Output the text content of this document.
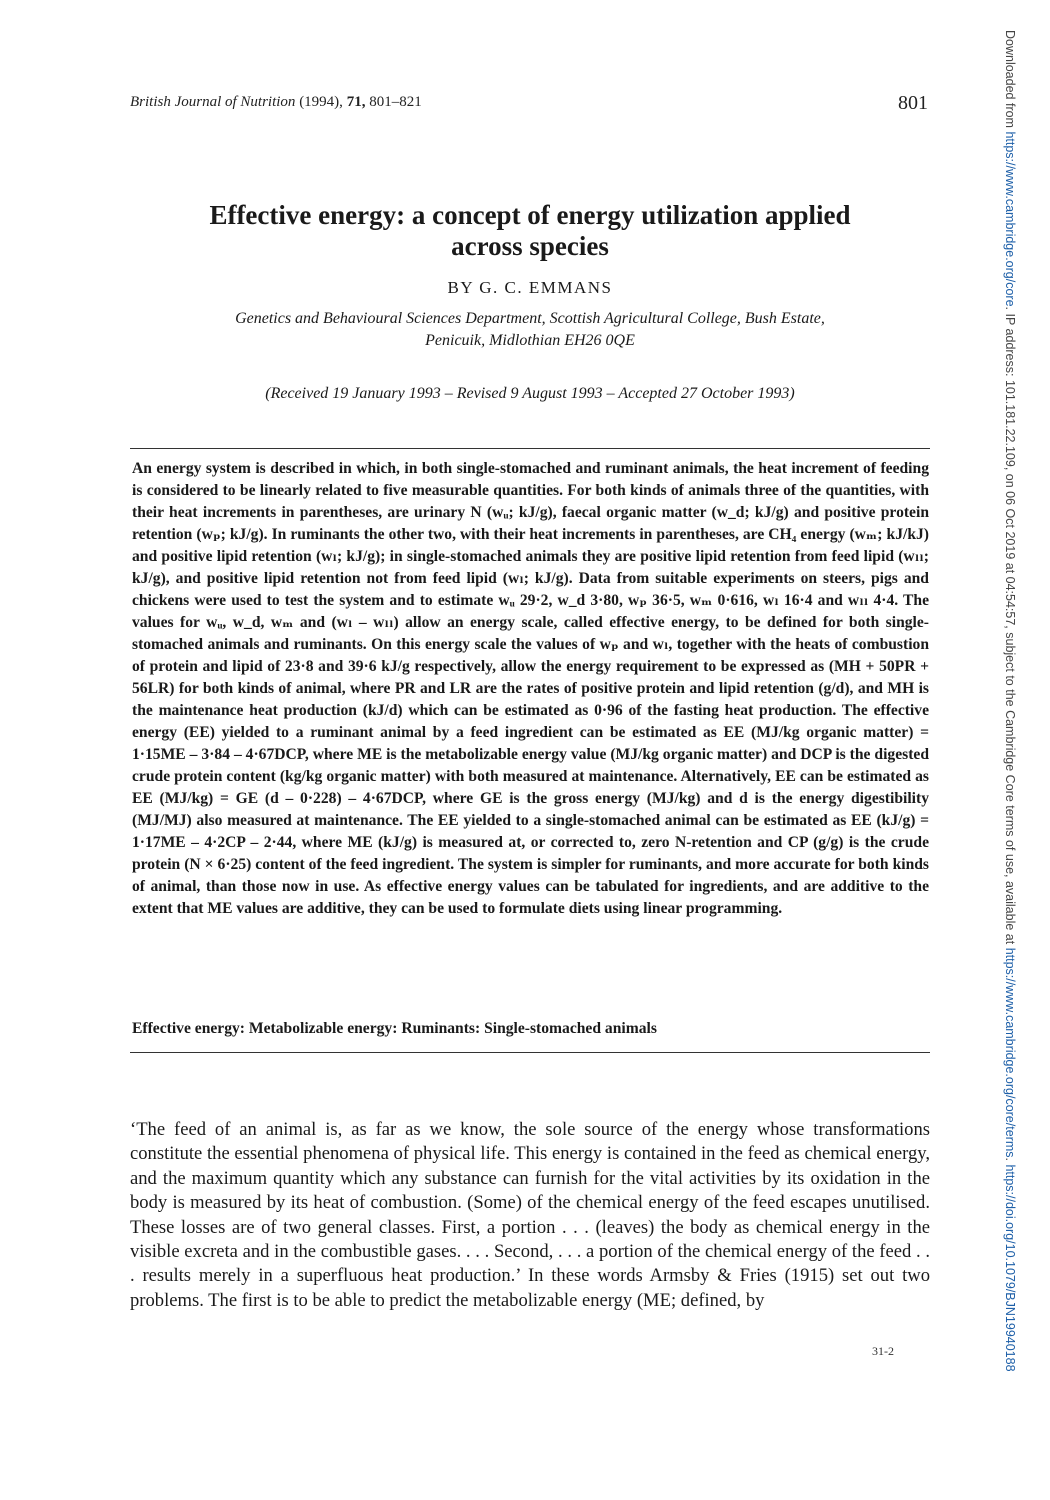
British Journal of Nutrition (1994), 71, 801–821	801
Effective energy: a concept of energy utilization applied
across species
BY G. C. EMMANS
Genetics and Behavioural Sciences Department, Scottish Agricultural College, Bush Estate,
Penicuik, Midlothian EH26 0QE
(Received 19 January 1993 – Revised 9 August 1993 – Accepted 27 October 1993)

An energy system is described in which, in both single-stomached and ruminant animals, the heat increment of feeding is considered to be linearly related to five measurable quantities. For both kinds of animals three of the quantities, with their heat increments in parentheses, are urinary N (wᵤ; kJ/g), faecal organic matter (w_d; kJ/g) and positive protein retention (wₚ; kJ/g). In ruminants the other two, with their heat increments in parentheses, are CH₄ energy (wₘ; kJ/kJ) and positive lipid retention (wₗ; kJ/g); in single-stomached animals they are positive lipid retention from feed lipid (wₗₗ; kJ/g), and positive lipid retention not from feed lipid (wₗ; kJ/g). Data from suitable experiments on steers, pigs and chickens were used to test the system and to estimate wᵤ 29·2, w_d 3·80, wₚ 36·5, wₘ 0·616, wₗ 16·4 and wₗₗ 4·4. The values for wᵤ, w_d, wₘ and (wₗ – wₗₗ) allow an energy scale, called effective energy, to be defined for both single-stomached animals and ruminants. On this energy scale the values of wₚ and wₗ, together with the heats of combustion of protein and lipid of 23·8 and 39·6 kJ/g respectively, allow the energy requirement to be expressed as (MH + 50PR + 56LR) for both kinds of animal, where PR and LR are the rates of positive protein and lipid retention (g/d), and MH is the maintenance heat production (kJ/d) which can be estimated as 0·96 of the fasting heat production. The effective energy (EE) yielded to a ruminant animal by a feed ingredient can be estimated as EE (MJ/kg organic matter) = 1·15ME – 3·84 – 4·67DCP, where ME is the metabolizable energy value (MJ/kg organic matter) and DCP is the digested crude protein content (kg/kg organic matter) with both measured at maintenance. Alternatively, EE can be estimated as EE (MJ/kg) = GE (d – 0·228) – 4·67DCP, where GE is the gross energy (MJ/kg) and d is the energy digestibility (MJ/MJ) also measured at maintenance. The EE yielded to a single-stomached animal can be estimated as EE (kJ/g) = 1·17ME – 4·2CP – 2·44, where ME (kJ/g) is measured at, or corrected to, zero N-retention and CP (g/g) is the crude protein (N × 6·25) content of the feed ingredient. The system is simpler for ruminants, and more accurate for both kinds of animal, than those now in use. As effective energy values can be tabulated for ingredients, and are additive to the extent that ME values are additive, they can be used to formulate diets using linear programming.

Effective energy: Metabolizable energy: Ruminants: Single-stomached animals

‘The feed of an animal is, as far as we know, the sole source of the energy whose transformations constitute the essential phenomena of physical life. This energy is contained in the feed as chemical energy, and the maximum quantity which any substance can furnish for the vital activities by its oxidation in the body is measured by its heat of combustion. (Some) of the chemical energy of the feed escapes unutilised. These losses are of two general classes. First, a portion . . . (leaves) the body as chemical energy in the visible excreta and in the combustible gases. . . . Second, . . . a portion of the chemical energy of the feed . . . results merely in a superfluous heat production.’ In these words Armsby & Fries (1915) set out two problems. The first is to be able to predict the metabolizable energy (ME; defined, by

31-2
Downloaded from https://www.cambridge.org/core. IP address: 101.181.22.109, on 06 Oct 2019 at 04:54:57, subject to the Cambridge Core terms of use, available at https://www.cambridge.org/core/terms. https://doi.org/10.1079/BJN19940188
